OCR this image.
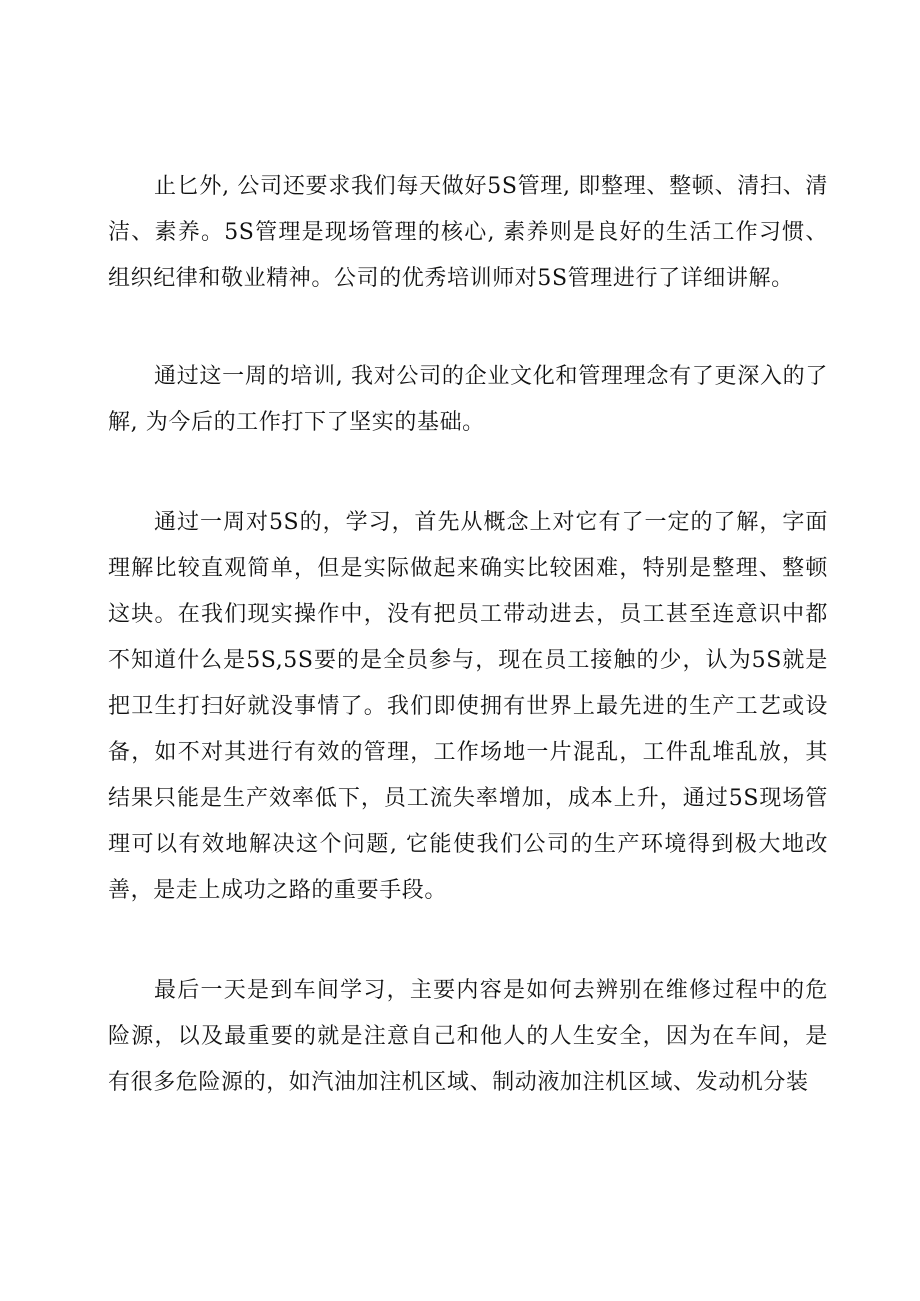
止匕外, 公司还要求我们每天做好5S管理, 即整理、整顿、清扫、清洁、素养。5S管理是现场管理的核心, 素养则是良好的生活工作习惯、组织纪律和敬业精神。公司的优秀培训师对5S管理进行了详细讲解。

通过这一周的培训, 我对公司的企业文化和管理理念有了更深入的了解, 为今后的工作打下了坚实的基础。

通过一周对5S的，学习，首先从概念上对它有了一定的了解，字面理解比较直观简单，但是实际做起来确实比较困难，特别是整理、整顿这块。在我们现实操作中，没有把员工带动进去，员工甚至连意识中都不知道什么是5S,5S要的是全员参与，现在员工接触的少，认为5S就是把卫生打扫好就没事情了。我们即使拥有世界上最先进的生产工艺或设备，如不对其进行有效的管理，工作场地一片混乱，工件乱堆乱放，其结果只能是生产效率低下，员工流失率增加，成本上升，通过5S现场管理可以有效地解决这个问题, 它能使我们公司的生产环境得到极大地改善，是走上成功之路的重要手段。

最后一天是到车间学习，主要内容是如何去辨别在维修过程中的危险源，以及最重要的就是注意自己和他人的人生安全，因为在车间，是有很多危险源的，如汽油加注机区域、制动液加注机区域、发动机分装
